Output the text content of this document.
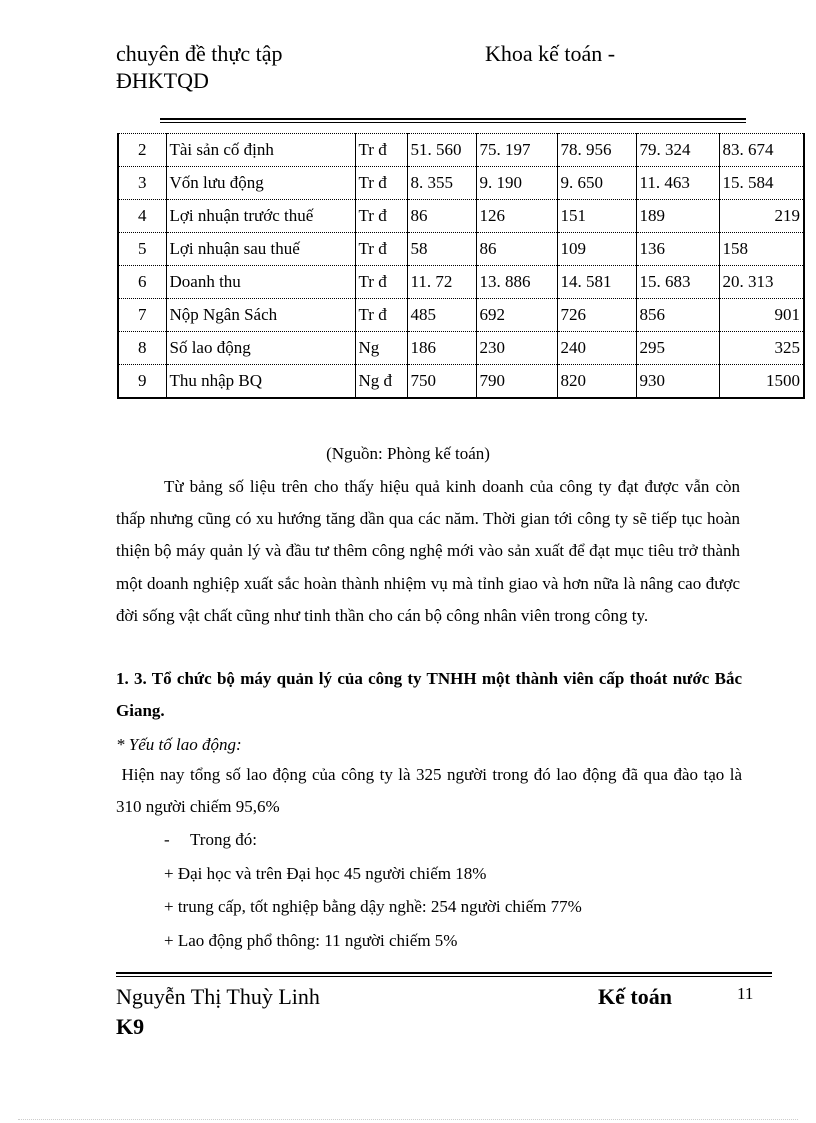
chuyên đề thực tập
ĐHKTQD
Khoa kế toán -
2	Tài sản cố định	Tr đ	51. 560	75. 197	78. 956	79. 324	83. 674
3	Vốn lưu động	Tr đ	8. 355	9. 190	9. 650	11. 463	15. 584
4	Lợi nhuận trước thuế	Tr đ	86	126	151	189	219
5	Lợi nhuận sau thuế	Tr đ	58	86	109	136	158
6	Doanh thu	Tr đ	11. 72	13. 886	14. 581	15. 683	20. 313
7	Nộp Ngân Sách	Tr đ	485	692	726	856	901
8	Số lao động	Ng	186	230	240	295	325
9	Thu nhập BQ	Ng đ	750	790	820	930	1500
(Nguồn: Phòng kế toán)
Từ bảng số liệu trên cho thấy hiệu quả kinh doanh của công ty đạt được vẫn còn thấp nhưng cũng có xu hướng tăng dần qua các năm. Thời gian tới công ty sẽ tiếp tục hoàn thiện bộ máy quản lý và đầu tư thêm công nghệ mới vào sản xuất để đạt mục tiêu trở thành một doanh nghiệp xuất sắc hoàn thành nhiệm vụ mà tỉnh giao và hơn nữa là nâng cao được đời sống vật chất cũng như tinh thần cho cán bộ công nhân viên trong công ty.
1. 3. Tổ chức bộ máy quản lý của công ty TNHH một thành viên cấp thoát nước Bắc Giang.
* Yếu tố lao động:
Hiện nay tổng số lao động của công ty là 325 người trong đó lao động đã qua đào tạo là 310 người chiếm 95,6%
- Trong đó:
+ Đại học và trên Đại học 45 người chiếm 18%
+ trung cấp, tốt nghiệp bằng dậy nghề: 254 người chiếm 77%
+ Lao động phổ thông: 11 người chiếm 5%
Nguyễn Thị Thuỳ Linh
K9
Kế toán	11
